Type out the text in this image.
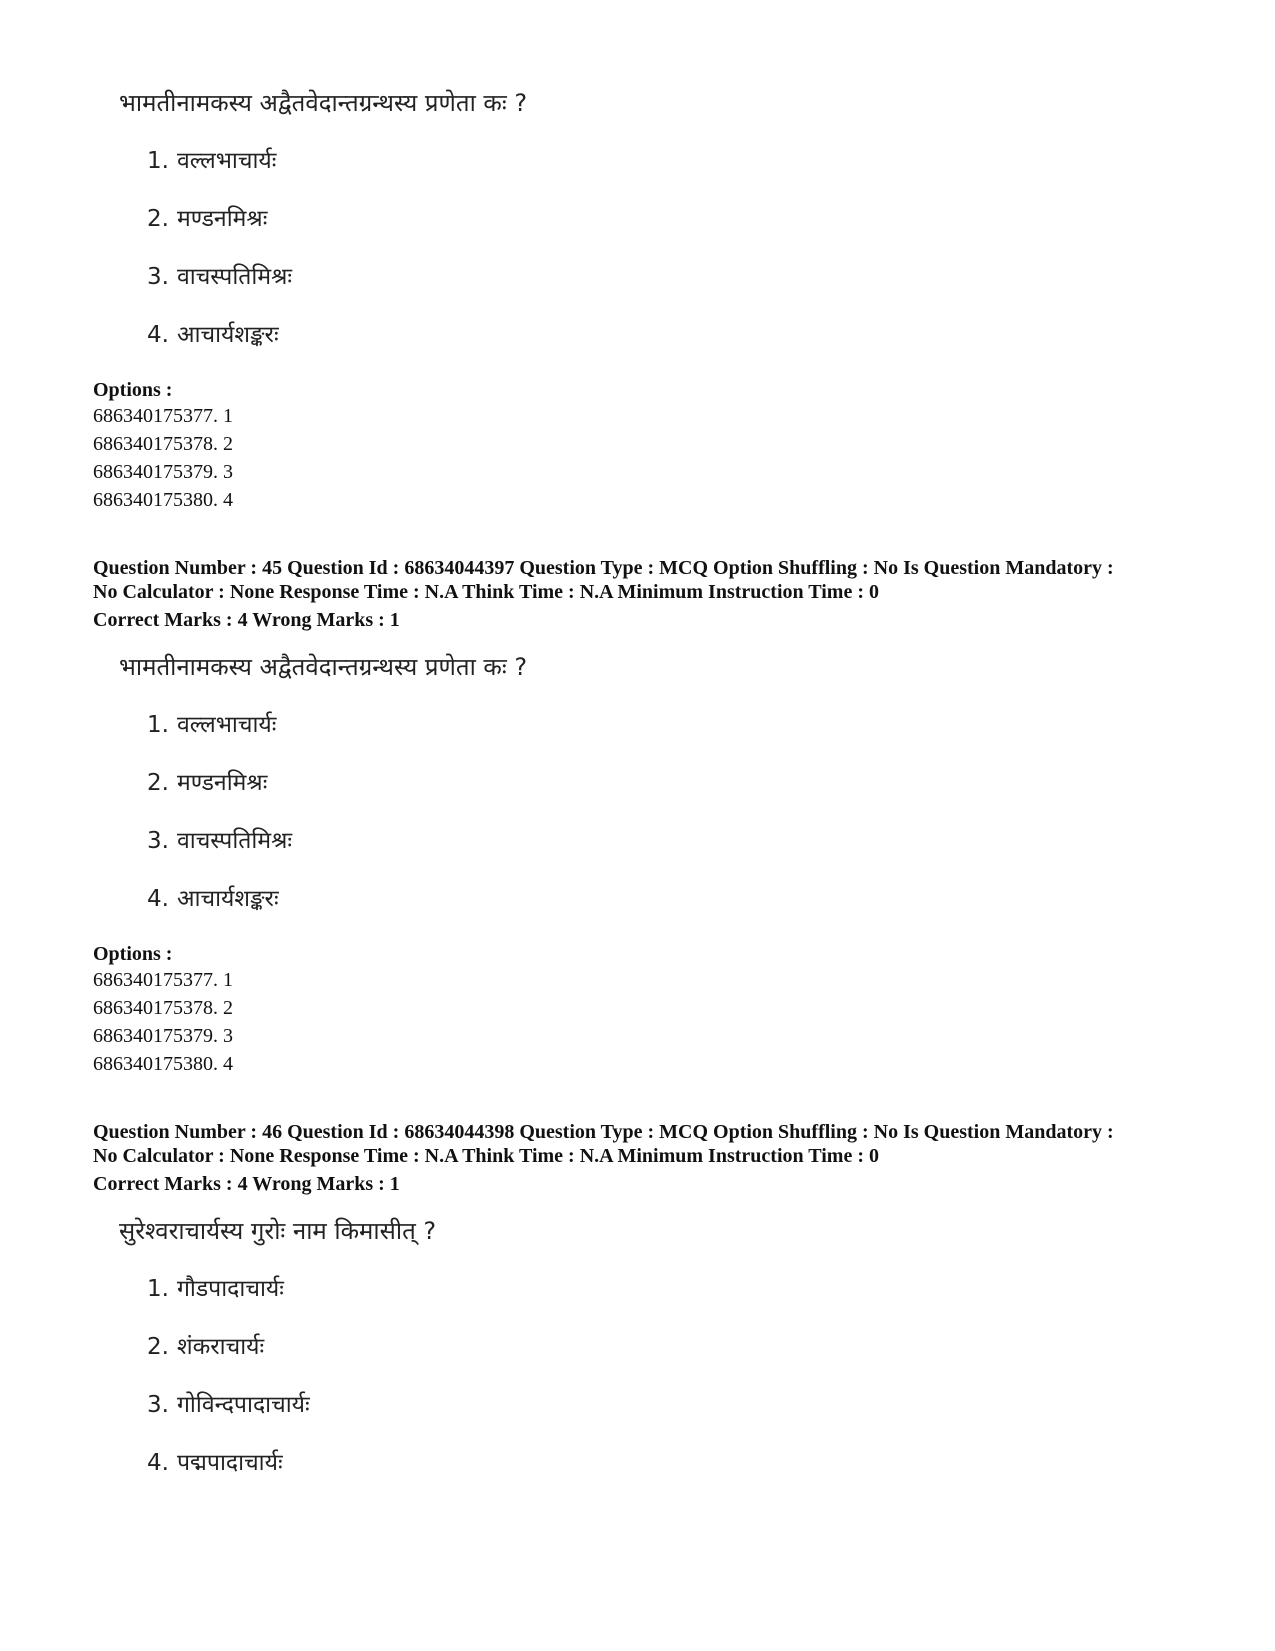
भामतीनामकस्य अद्वैतवेदान्तग्रन्थस्य प्रणेता कः ?
1. वल्लभाचार्यः
2. मण्डनमिश्रः
3. वाचस्पतिमिश्रः
4. आचार्यशङ्करः
Options :
686340175377. 1
686340175378. 2
686340175379. 3
686340175380. 4
Question Number : 45 Question Id : 68634044397 Question Type : MCQ Option Shuffling : No Is Question Mandatory :
No Calculator : None Response Time : N.A Think Time : N.A Minimum Instruction Time : 0
Correct Marks : 4 Wrong Marks : 1
भामतीनामकस्य अद्वैतवेदान्तग्रन्थस्य प्रणेता कः ?
1. वल्लभाचार्यः
2. मण्डनमिश्रः
3. वाचस्पतिमिश्रः
4. आचार्यशङ्करः
Options :
686340175377. 1
686340175378. 2
686340175379. 3
686340175380. 4
Question Number : 46 Question Id : 68634044398 Question Type : MCQ Option Shuffling : No Is Question Mandatory :
No Calculator : None Response Time : N.A Think Time : N.A Minimum Instruction Time : 0
Correct Marks : 4 Wrong Marks : 1
सुरेश्वराचार्यस्य गुरोः नाम किमासीत् ?
1. गौडपादाचार्यः
2. शंकराचार्यः
3. गोविन्दपादाचार्यः
4. पद्मपादाचार्यः
